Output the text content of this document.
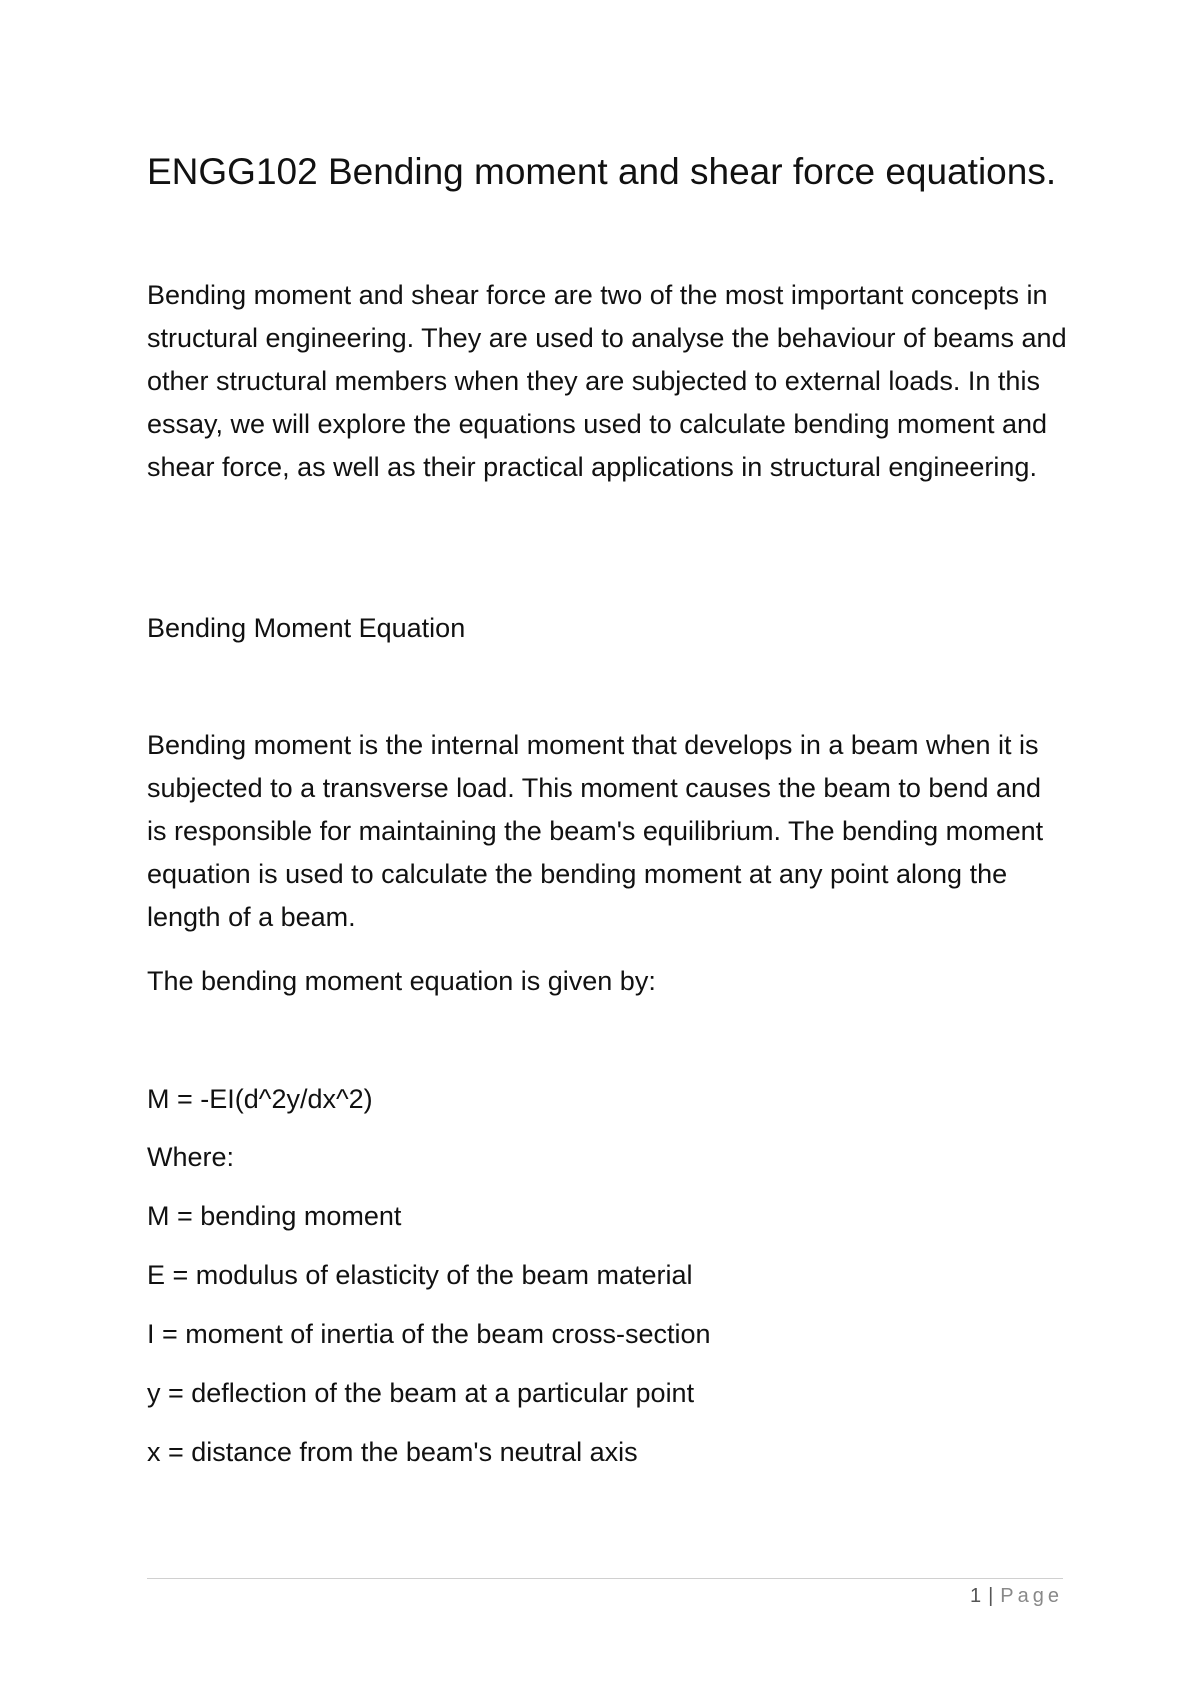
ENGG102 Bending moment and shear force equations.

Bending moment and shear force are two of the most important concepts in structural engineering. They are used to analyse the behaviour of beams and other structural members when they are subjected to external loads. In this essay, we will explore the equations used to calculate bending moment and shear force, as well as their practical applications in structural engineering.

Bending Moment Equation

Bending moment is the internal moment that develops in a beam when it is subjected to a transverse load. This moment causes the beam to bend and is responsible for maintaining the beam's equilibrium. The bending moment equation is used to calculate the bending moment at any point along the length of a beam.

The bending moment equation is given by:

M = -EI(d^2y/dx^2)

Where:

M = bending moment

E = modulus of elasticity of the beam material

I = moment of inertia of the beam cross-section

y = deflection of the beam at a particular point

x = distance from the beam's neutral axis

1 | Page
